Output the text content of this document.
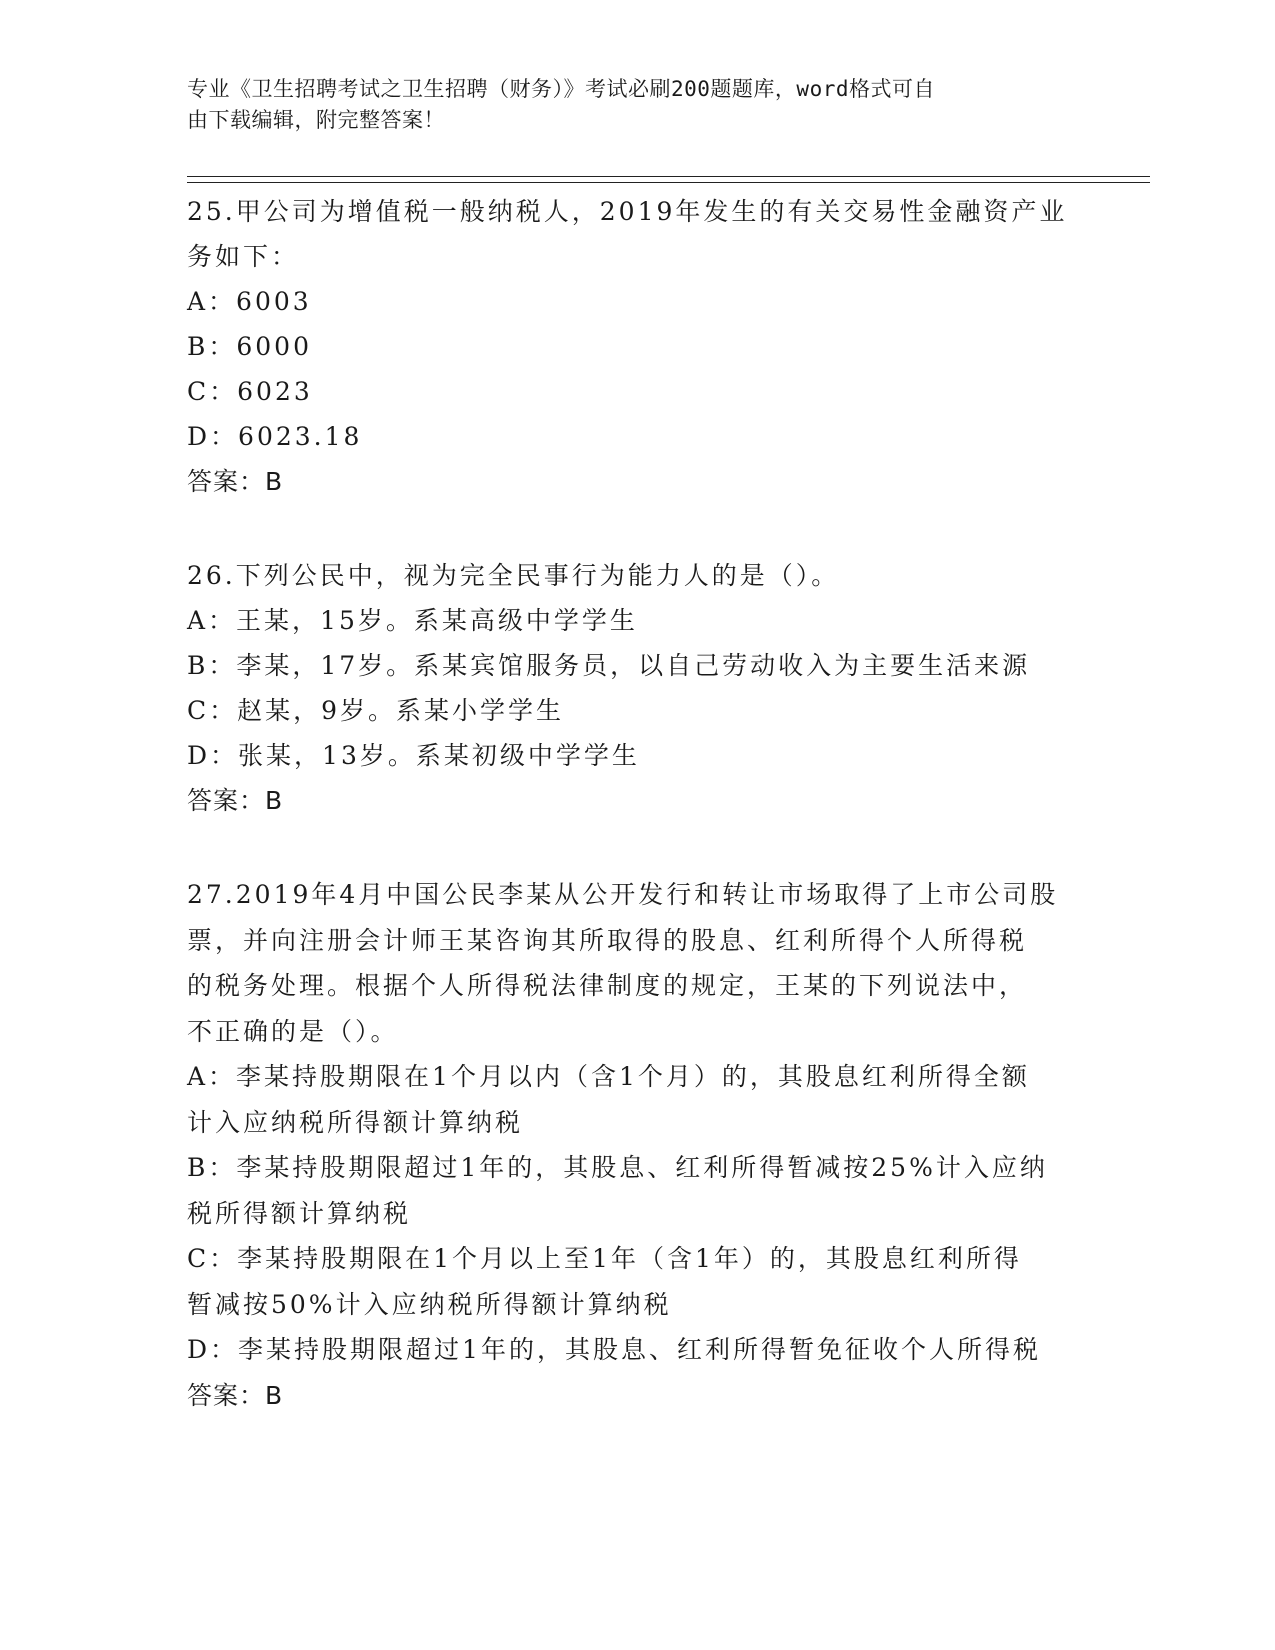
专业《卫生招聘考试之卫生招聘（财务）》考试必刷200题题库，word格式可自
由下载编辑，附完整答案！
25.甲公司为增值税一般纳税人，2019年发生的有关交易性金融资产业
务如下：
A：6003
B：6000
C：6023
D：6023.18
答案：B
26.下列公民中，视为完全民事行为能力人的是（）。
A：王某，15岁。系某高级中学学生
B：李某，17岁。系某宾馆服务员，以自己劳动收入为主要生活来源
C：赵某，9岁。系某小学学生
D：张某，13岁。系某初级中学学生
答案：B
27.2019年4月中国公民李某从公开发行和转让市场取得了上市公司股
票，并向注册会计师王某咨询其所取得的股息、红利所得个人所得税
的税务处理。根据个人所得税法律制度的规定，王某的下列说法中，
不正确的是（）。
A：李某持股期限在1个月以内（含1个月）的，其股息红利所得全额
计入应纳税所得额计算纳税
B：李某持股期限超过1年的，其股息、红利所得暂减按25%计入应纳
税所得额计算纳税
C：李某持股期限在1个月以上至1年（含1年）的，其股息红利所得
暂减按50%计入应纳税所得额计算纳税
D：李某持股期限超过1年的，其股息、红利所得暂免征收个人所得税
答案：B
